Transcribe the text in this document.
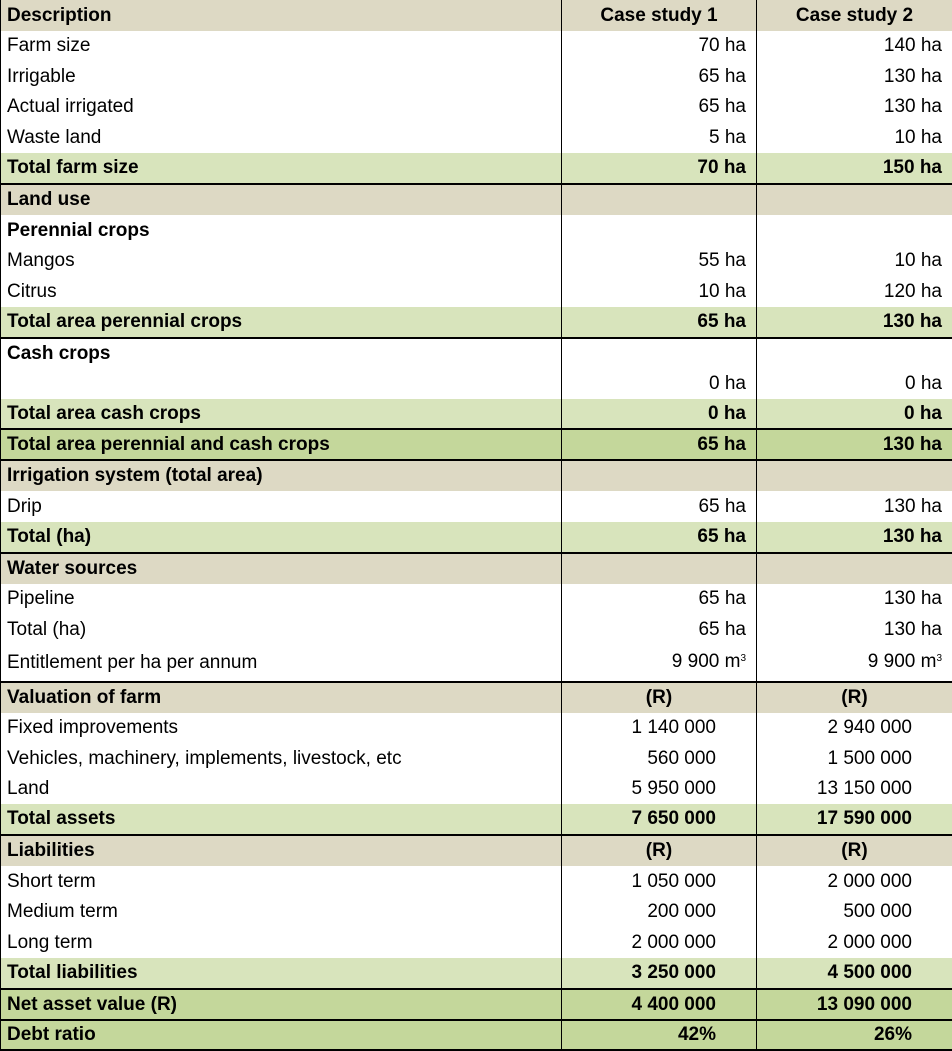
Description	Case study 1	Case study 2
Farm size	70 ha	140 ha
Irrigable	65 ha	130 ha
Actual irrigated	65 ha	130 ha
Waste land	5 ha	10 ha
Total farm size	70 ha	150 ha
Land use		
Perennial crops		
Mangos	55 ha	10 ha
Citrus	10 ha	120 ha
Total area perennial crops	65 ha	130 ha
Cash crops		
	0 ha	0 ha
Total area cash crops	0 ha	0 ha
Total area perennial and cash crops	65 ha	130 ha
Irrigation system (total area)		
Drip	65 ha	130 ha
Total (ha)	65 ha	130 ha
Water sources		
Pipeline	65 ha	130 ha
Total (ha)	65 ha	130 ha
Entitlement per ha per annum	9 900 $m^3$	9 900 $m^3$
Valuation of farm	(R)	(R)
Fixed improvements	1 140 000	2 940 000
Vehicles, machinery, implements, livestock, etc	560 000	1 500 000
Land	5 950 000	13 150 000
Total assets	7 650 000	17 590 000
Liabilities	(R)	(R)
Short term	1 050 000	2 000 000
Medium term	200 000	500 000
Long term	2 000 000	2 000 000
Total liabilities	3 250 000	4 500 000
Net asset value (R)	4 400 000	13 090 000
Debt ratio	42%	26%
